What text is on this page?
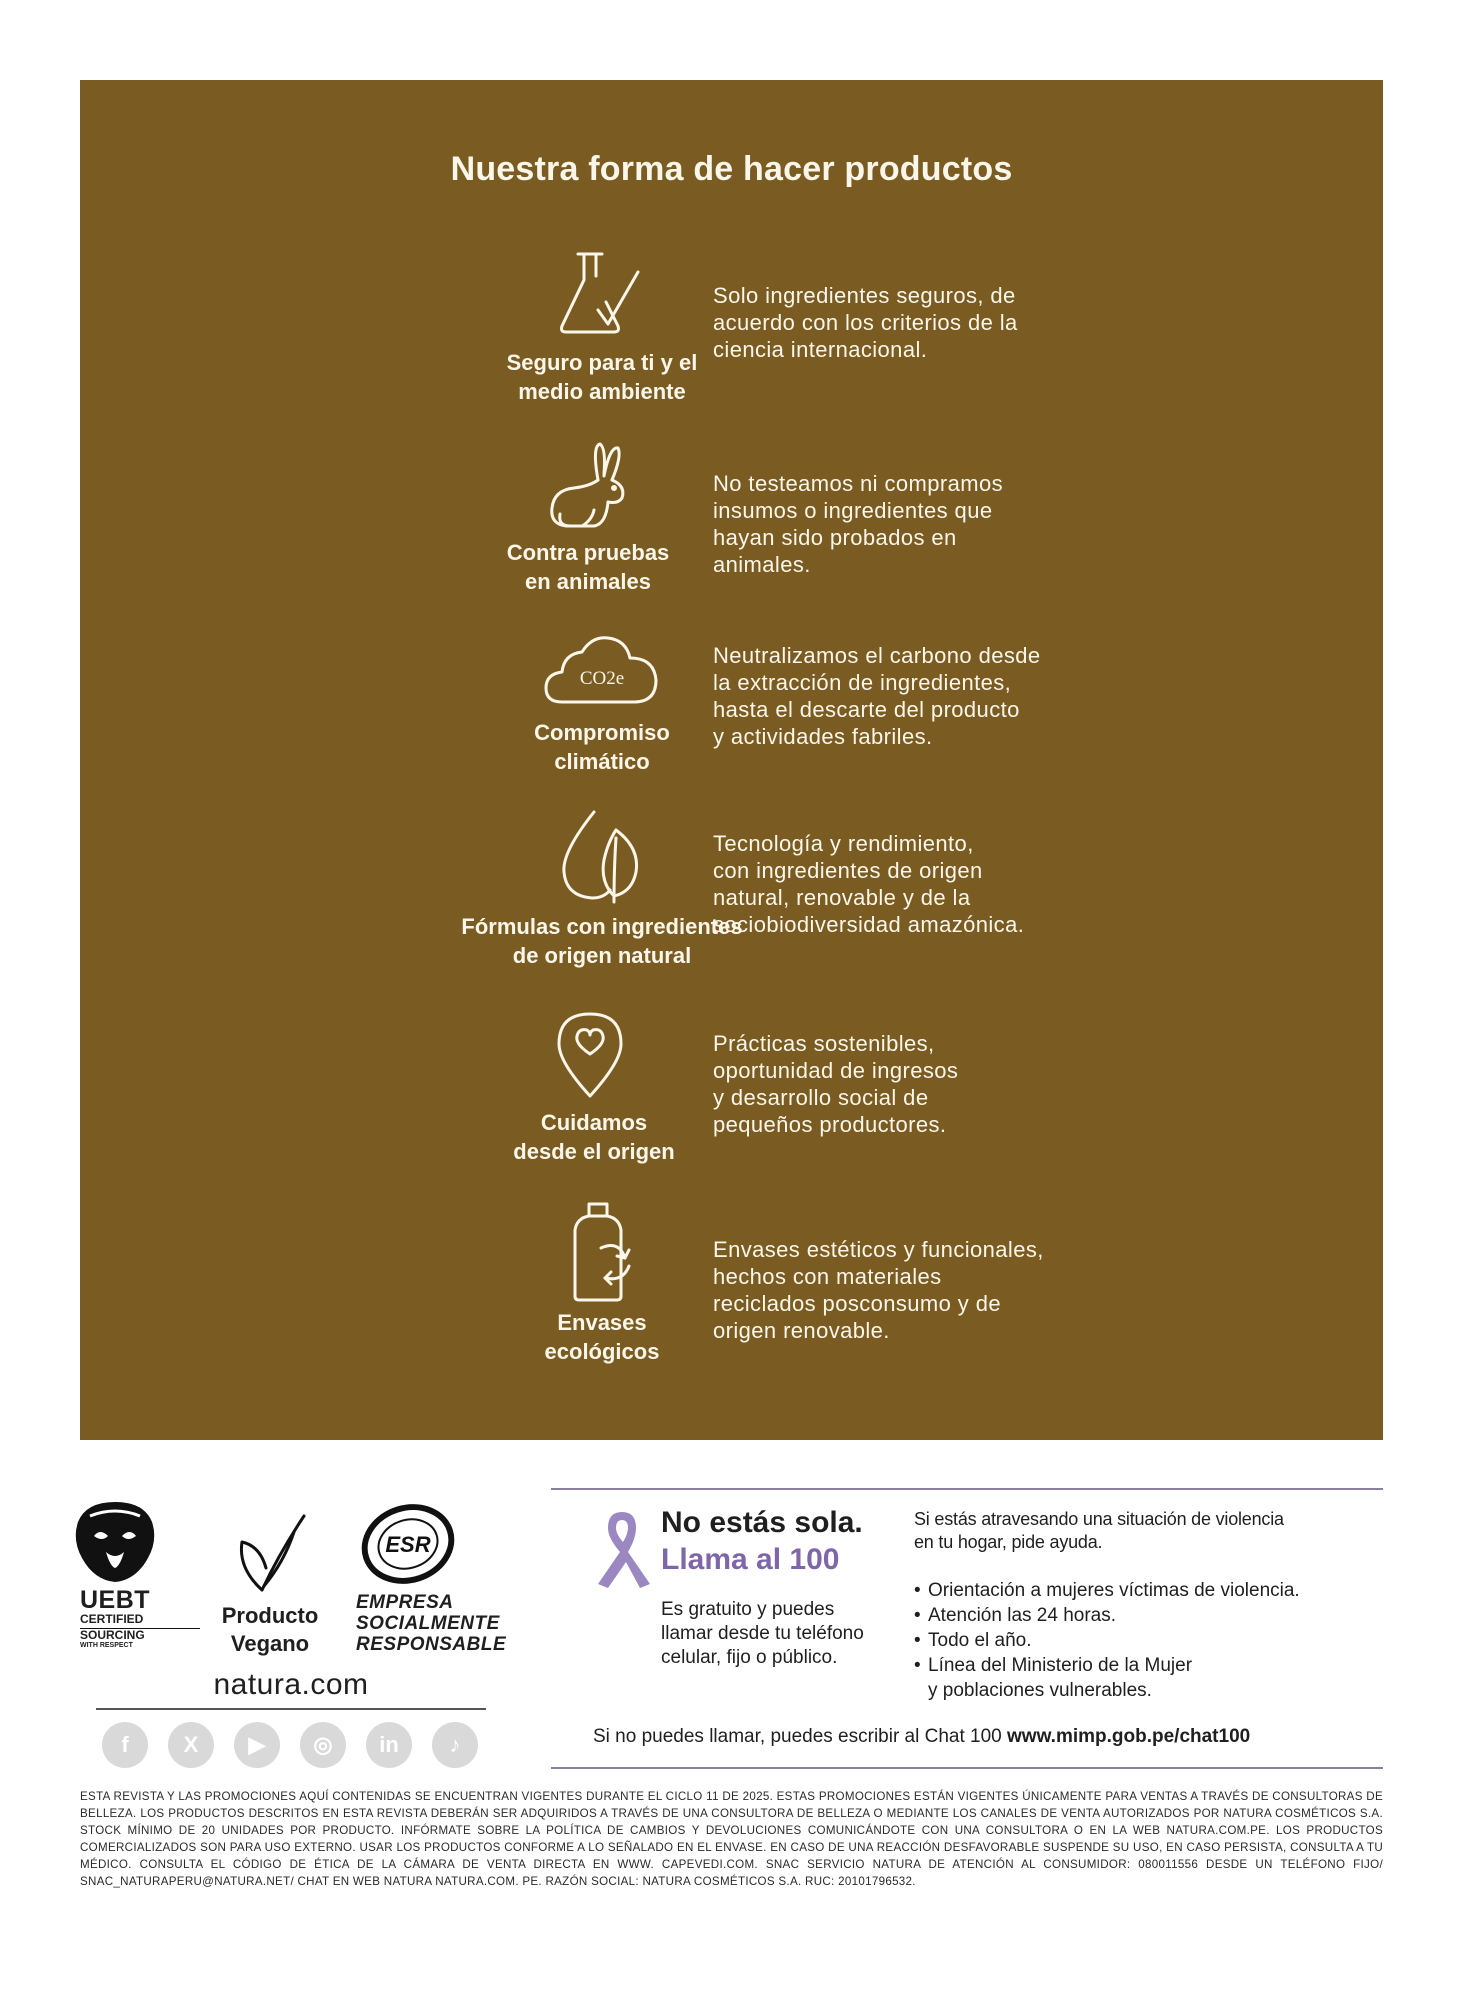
Nuestra forma de hacer productos
Seguro para ti y el
medio ambiente
Solo ingredientes seguros, de
acuerdo con los criterios de la
ciencia internacional.
Contra pruebas
en animales
No testeamos ni compramos
insumos o ingredientes que
hayan sido probados en
animales.
CO2e
Compromiso
climático
Neutralizamos el carbono desde
la extracción de ingredientes,
hasta el descarte del producto
y actividades fabriles.
Fórmulas con ingredientes
de origen natural
Tecnología y rendimiento,
con ingredientes de origen
natural, renovable y de la
sociobiodiversidad amazónica.
Cuidamos
desde el origen
Prácticas sostenibles,
oportunidad de ingresos
y desarrollo social de
pequeños productores.
Envases
ecológicos
Envases estéticos y funcionales,
hechos con materiales
reciclados posconsumo y de
origen renovable.
UEBT
CERTIFIED
SOURCING
WITH RESPECT
Producto
Vegano
ESR
EMPRESA
SOCIALMENTE
RESPONSABLE
natura.com
f	X	▶	◎	in	♪
No estás sola.
Llama al 100
Es gratuito y puedes
llamar desde tu teléfono
celular, fijo o público.
Si estás atravesando una situación de violencia
en tu hogar, pide ayuda.
• Orientación a mujeres víctimas de violencia.
• Atención las 24 horas.
• Todo el año.
• Línea del Ministerio de la Mujer
y poblaciones vulnerables.
Si no puedes llamar, puedes escribir al Chat 100 www.mimp.gob.pe/chat100
ESTA REVISTA Y LAS PROMOCIONES AQUÍ CONTENIDAS SE ENCUENTRAN VIGENTES DURANTE EL CICLO 11 DE 2025. ESTAS PROMOCIONES ESTÁN VIGENTES ÚNICAMENTE PARA VENTAS A TRAVÉS DE CONSULTORAS DE BELLEZA. LOS PRODUCTOS DESCRITOS EN ESTA REVISTA DEBERÁN SER ADQUIRIDOS A TRAVÉS DE UNA CONSULTORA DE BELLEZA O MEDIANTE LOS CANALES DE VENTA AUTORIZADOS POR NATURA COSMÉTICOS S.A. STOCK MÍNIMO DE 20 UNIDADES POR PRODUCTO. INFÓRMATE SOBRE LA POLÍTICA DE CAMBIOS Y DEVOLUCIONES COMUNICÁNDOTE CON UNA CONSULTORA O EN LA WEB NATURA.COM.PE. LOS PRODUCTOS COMERCIALIZADOS SON PARA USO EXTERNO. USAR LOS PRODUCTOS CONFORME A LO SEÑALADO EN EL ENVASE. EN CASO DE UNA REACCIÓN DESFAVORABLE SUSPENDE SU USO, EN CASO PERSISTA, CONSULTA A TU MÉDICO. CONSULTA EL CÓDIGO DE ÉTICA DE LA CÁMARA DE VENTA DIRECTA EN WWW. CAPEVEDI.COM. SNAC SERVICIO NATURA DE ATENCIÓN AL CONSUMIDOR: 080011556 DESDE UN TELÉFONO FIJO/ SNAC_NATURAPERU@NATURA.NET/ CHAT EN WEB NATURA NATURA.COM. PE. RAZÓN SOCIAL: NATURA COSMÉTICOS S.A. RUC: 20101796532.
